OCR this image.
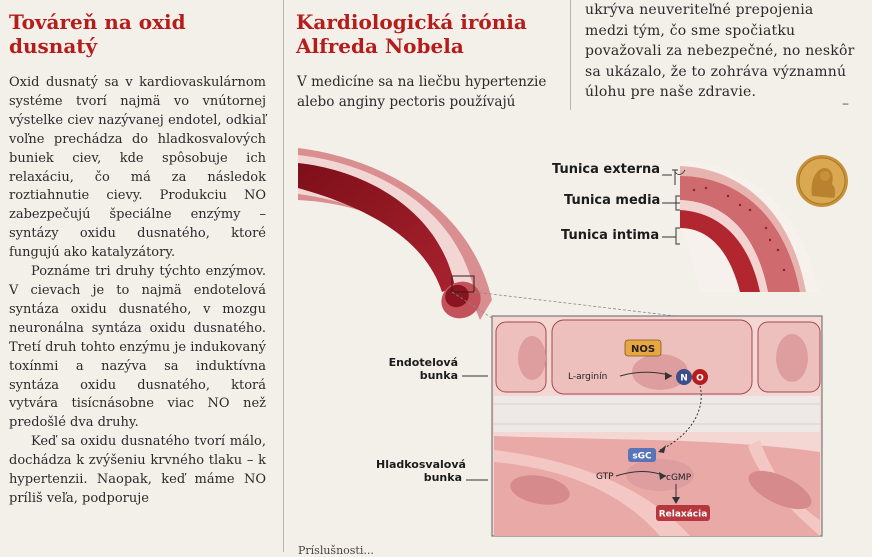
Továreň na oxid
dusnatý

Oxid dusnatý sa v kardiovaskulárnom systéme tvorí najmä vo vnútornej výstelke ciev nazývanej endotel, odkiaľ voľne prechádza do hladkosvalových buniek ciev, kde spôsobuje ich relaxáciu, čo má za následok roztiahnutie cievy. Produkciu NO zabezpečujú špeciálne enzýmy – syntázy oxidu dusnatého, ktoré fungujú ako katalyzátory.

Poznáme tri druhy týchto enzýmov. V cievach je to najmä endotelová syntáza oxidu dusnatého, v mozgu neuronálna syntáza oxidu dusnatého. Tretí druh tohto enzýmu je indukovaný toxínmi a nazýva sa induktívna syntáza oxidu dusnatého, ktorá vytvára tisícnásobne viac NO než predošlé dva druhy.

Keď sa oxidu dusnatého tvorí málo, dochádza k zvýšeniu krvného tlaku – k hypertenzii. Naopak, keď máme NO príliš veľa, podporuje

Kardiologická irónia
Alfreda Nobela
V medicíne sa na liečbu hypertenzie alebo anginy pectoris používajú
ukrýva neuveriteľné prepojenia medzi tým, čo sme spočiatku považovali za nebezpečné, no neskôr sa ukázalo, že to zohráva významnú úlohu pre naše zdravie.
–
NOS
L-arginín	N O
sGC
GTP	cGMP
Relaxácia
Tunica externa
Tunica media
Tunica intima
Endotelová bunka
Hladkosvalová bunka
Príslušnosti...
